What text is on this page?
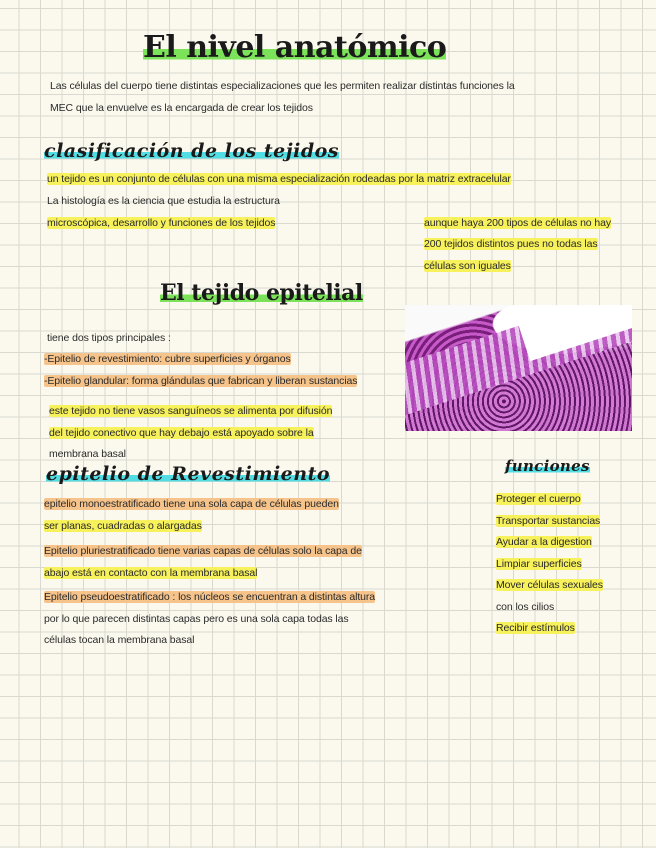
El nivel anatómico
Las células del cuerpo tiene distintas especializaciones que les permiten realizar distintas funciones la
MEC que la envuelve es la encargada de crear los tejidos
clasificación de los tejidos
un tejido es un conjunto de células con una misma especialización rodeadas por la matriz extracelular
La histología es la ciencia que estudia la estructura
microscópica, desarrollo y funciones de los tejidos	aunque haya 200 tipos de células no hay
200 tejidos distintos pues no todas las
células son iguales
El tejido epitelial
tiene dos tipos principales :
-Epitelio de revestimiento: cubre superficies y órganos
-Epitelio glandular: forma glándulas que fabrican y liberan sustancias
este tejido no tiene vasos sanguíneos se alimenta por difusión
del tejido conectivo que hay debajo está apoyado sobre la
membrana basal
epitelio de Revestimiento
epitelio monoestratificado tiene una sola capa de células pueden
ser planas, cuadradas o alargadas
Epitelio pluriestratificado tiene varias capas de células solo la capa de
abajo está en contacto con la membrana basal
Epitelio pseudoestratificado : los núcleos se encuentran a distintas altura
por lo que parecen distintas capas pero es una sola capa todas las
células tocan la membrana basal
funciones
Proteger el cuerpo
Transportar sustancias
Ayudar a la digestion
Limpiar superficies
Mover células sexuales
con los cilios
Recibir estímulos
